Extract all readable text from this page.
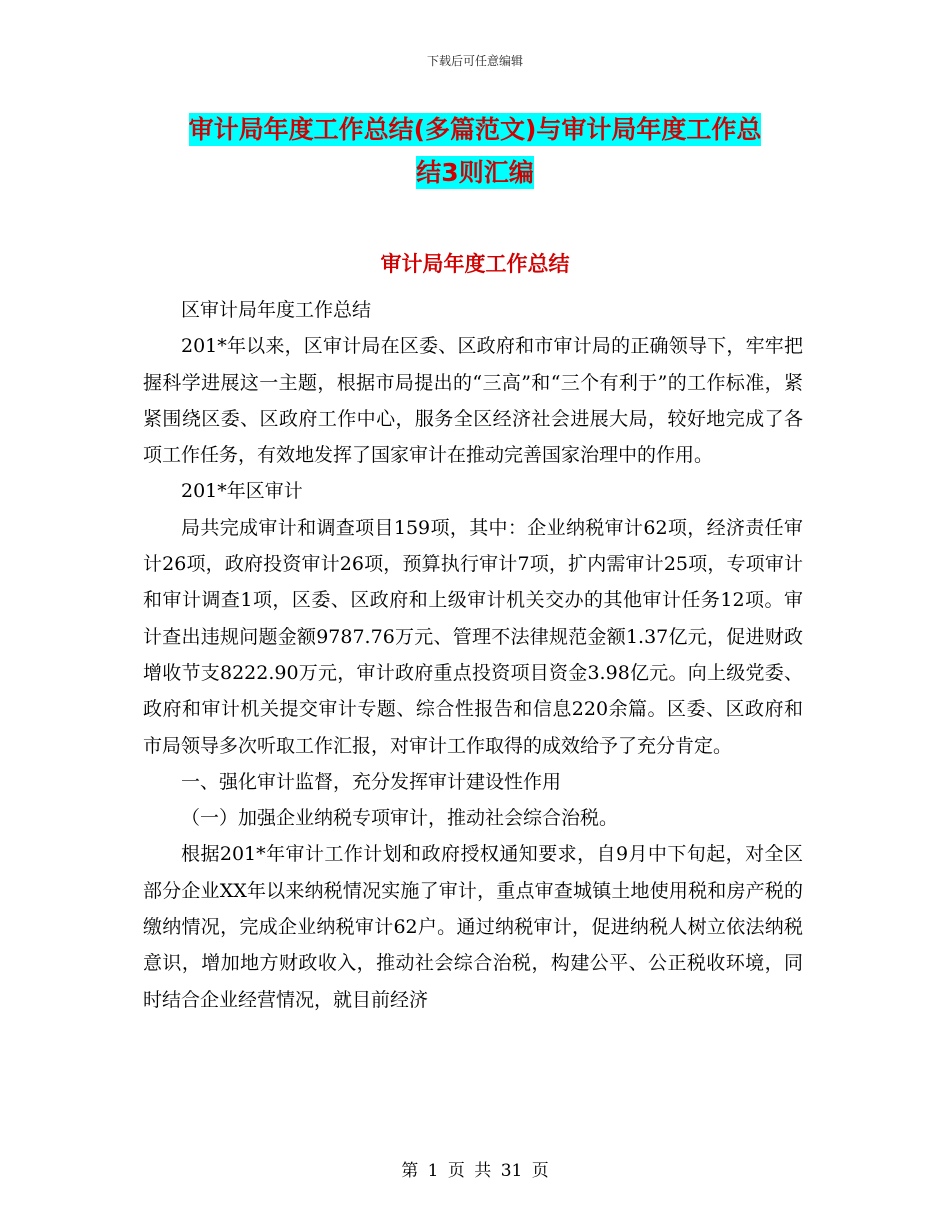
下载后可任意编辑
审计局年度工作总结(多篇范文)与审计局年度工作总
结3则汇编
审计局年度工作总结

区审计局年度工作总结

201*年以来，区审计局在区委、区政府和市审计局的正确领导下，牢牢把握科学进展这一主题，根据市局提出的“三高”和“三个有利于”的工作标准，紧紧围绕区委、区政府工作中心，服务全区经济社会进展大局，较好地完成了各项工作任务，有效地发挥了国家审计在推动完善国家治理中的作用。

201*年区审计

局共完成审计和调查项目159项，其中：企业纳税审计62项，经济责任审计26项，政府投资审计26项，预算执行审计7项，扩内需审计25项，专项审计和审计调查1项，区委、区政府和上级审计机关交办的其他审计任务12项。审计查出违规问题金额9787.76万元、管理不法律规范金额1.37亿元，促进财政增收节支8222.90万元，审计政府重点投资项目资金3.98亿元。向上级党委、政府和审计机关提交审计专题、综合性报告和信息220余篇。区委、区政府和市局领导多次听取工作汇报，对审计工作取得的成效给予了充分肯定。

一、强化审计监督，充分发挥审计建设性作用

（一）加强企业纳税专项审计，推动社会综合治税。

根据201*年审计工作计划和政府授权通知要求，自9月中下旬起，对全区部分企业XX年以来纳税情况实施了审计，重点审查城镇土地使用税和房产税的缴纳情况，完成企业纳税审计62户。通过纳税审计，促进纳税人树立依法纳税意识，增加地方财政收入，推动社会综合治税，构建公平、公正税收环境，同时结合企业经营情况，就目前经济

第 1 页 共 31 页
